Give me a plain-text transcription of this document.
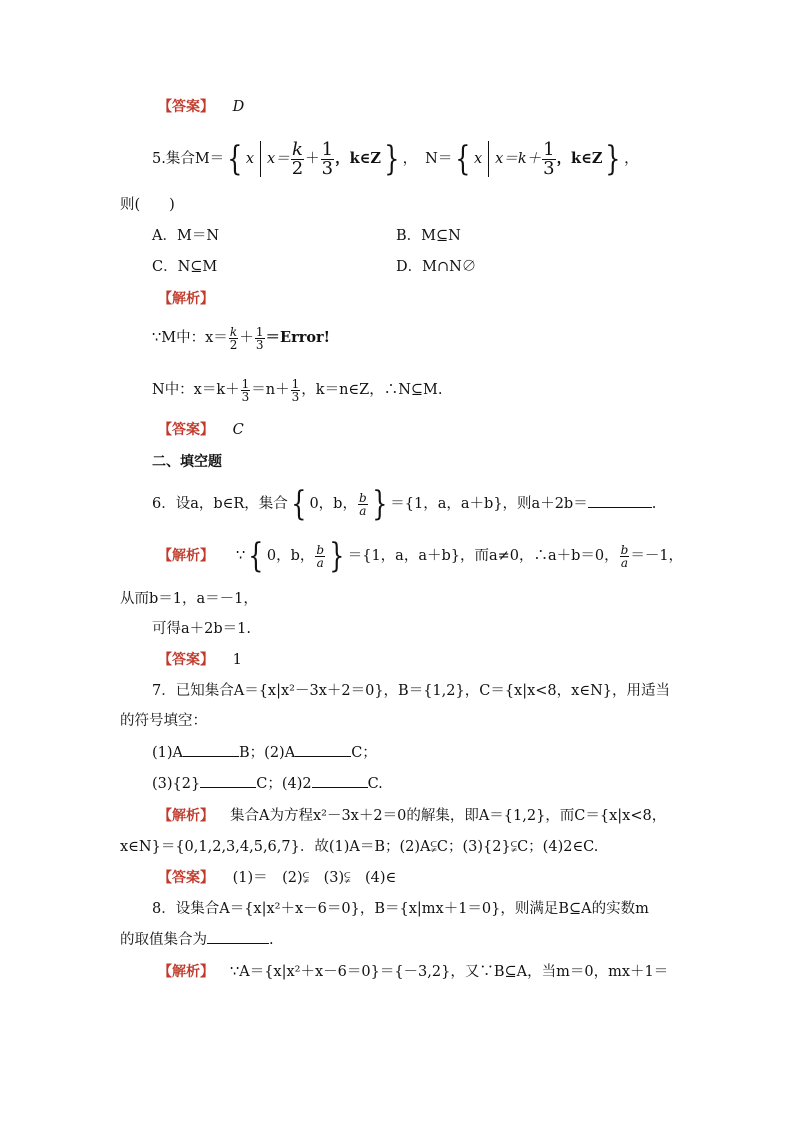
【答案】 D
5.集合M＝{ x $x= \frac{k}{2} + \frac{1}{3}$ ，k∈Z} ， N＝{ x $x=k+ \frac{1}{3}$ ，k∈Z} ，
则(　　)
A．M＝N	B．M⊆N
C．N⊆M	D．M∩N∅
【解析】
∵M中：$x= \frac{k}{2} + \frac{1}{3}$ ＝Error!
N中：$x=k+ \frac{1}{3} =n+ \frac{1}{3}$ ，k＝n∈Z，∴N⊆M.
【答案】 C
二、填空题
6．设a，b∈R，集合{ 0，b， $\frac{b}{a}$ } ＝{1，a，a＋b}，则a＋2b＝	.
【解析】 ∵{ 0，b， $\frac{b}{a}$ } ＝{1，a，a＋b}，而a≠0，∴a＋b＝0， $\frac{b}{a} =-1$，
从而b＝1，a＝－1，
可得a＋2b＝1.
【答案】 1
7．已知集合A＝{x|x²－3x＋2＝0}，B＝{1,2}，C＝{x|x<8，x∈N}，用适当
的符号填空：
(1)A	B；(2)A	C；
(3){2}	C；(4)2	C.
【解析】 集合A为方程x²－3x＋2＝0的解集，即A＝{1,2}，而C＝{x|x<8，
x∈N}＝{0,1,2,3,4,5,6,7}．故(1)A＝B；(2)A⫋C；(3){2}⫋C；(4)2∈C.
【答案】 (1)＝　(2)⫋　(3)⫋　(4)∈
8．设集合A＝{x|x²＋x－6＝0}，B＝{x|mx＋1＝0}，则满足B⊆A的实数m
的取值集合为	.
【解析】 ∵A＝{x|x²＋x－6＝0}＝{－3,2}，又∵B⊆A，当m＝0，mx＋1＝
